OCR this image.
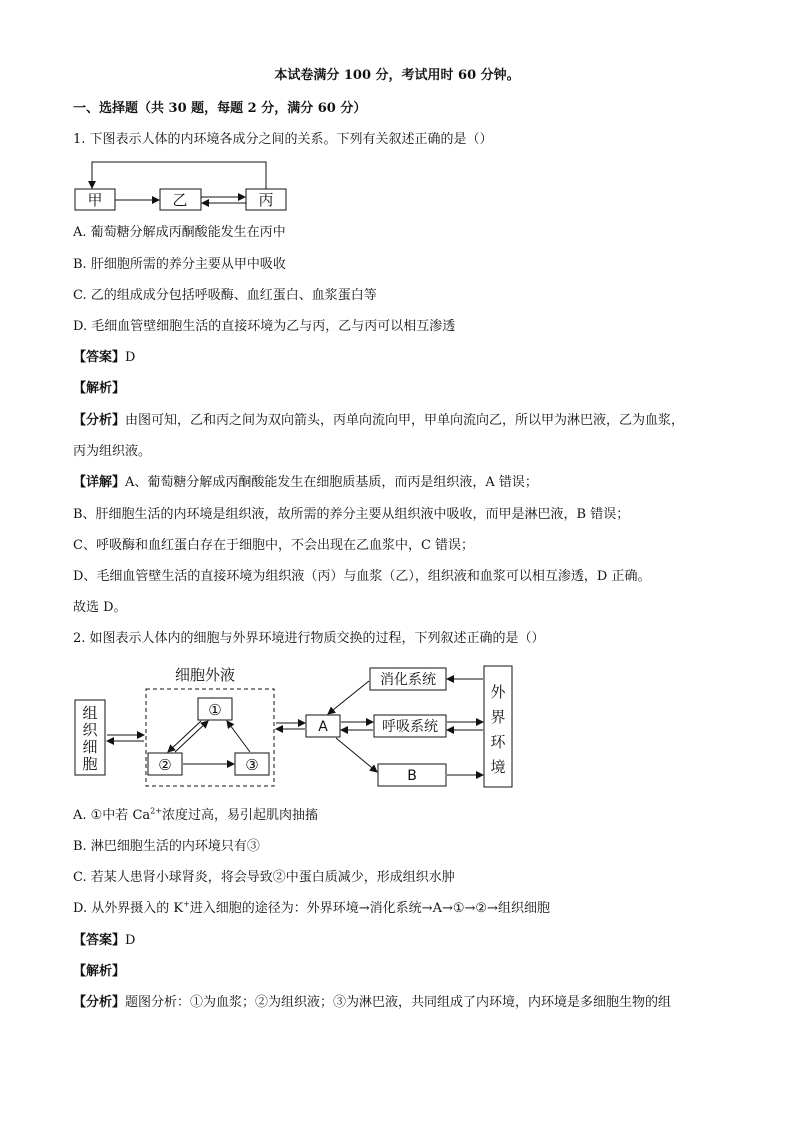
本试卷满分 100 分，考试用时 60 分钟。
一、选择题（共 30 题，每题 2 分，满分 60 分）
1. 下图表示人体的内环境各成分之间的关系。下列有关叙述正确的是（）
甲	乙	丙
A. 葡萄糖分解成丙酮酸能发生在丙中
B. 肝细胞所需的养分主要从甲中吸收
C. 乙的组成成分包括呼吸酶、血红蛋白、血浆蛋白等
D. 毛细血管壁细胞生活的直接环境为乙与丙，乙与丙可以相互渗透
【答案】D
【解析】
【分析】由图可知，乙和丙之间为双向箭头，丙单向流向甲，甲单向流向乙，所以甲为淋巴液，乙为血浆，
丙为组织液。
【详解】A、葡萄糖分解成丙酮酸能发生在细胞质基质，而丙是组织液，A 错误；
B、肝细胞生活的内环境是组织液，故所需的养分主要从组织液中吸收，而甲是淋巴液，B 错误；
C、呼吸酶和血红蛋白存在于细胞中，不会出现在乙血浆中，C 错误；
D、毛细血管壁生活的直接环境为组织液（丙）与血浆（乙），组织液和血浆可以相互渗透，D 正确。
故选 D。
2. 如图表示人体内的细胞与外界环境进行物质交换的过程，下列叙述正确的是（）
细胞外液
组
织
细
胞
①
②	③
A
消化系统
呼吸系统
B
外
界
环
境
A. ①中若 $Ca^{2+}$浓度过高，易引起肌肉抽搐
B. 淋巴细胞生活的内环境只有③
C. 若某人患肾小球肾炎，将会导致②中蛋白质减少，形成组织水肿
D. 从外界摄入的 K+进入细胞的途径为：外界环境→消化系统→A→①→②→组织细胞
【答案】D
【解析】
【分析】题图分析：①为血浆；②为组织液；③为淋巴液，共同组成了内环境，内环境是多细胞生物的组
